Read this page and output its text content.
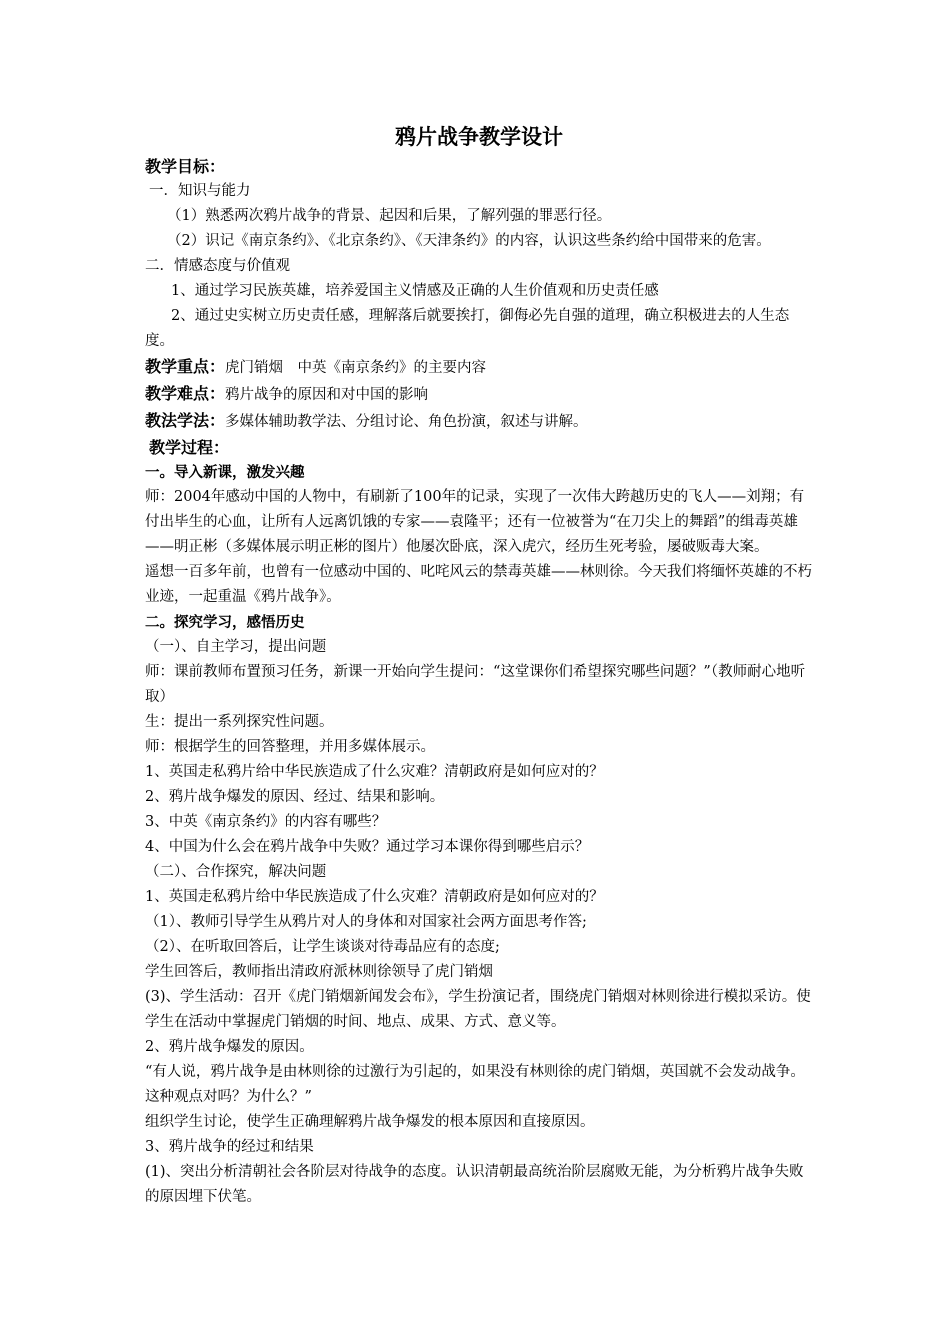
鸦片战争教学设计
教学目标：
一．知识与能力
（1）熟悉两次鸦片战争的背景、起因和后果，了解列强的罪恶行径。
（2）识记《南京条约》、《北京条约》、《天津条约》的内容，认识这些条约给中国带来的危害。
二．情感态度与价值观
1、通过学习民族英雄，培养爱国主义情感及正确的人生价值观和历史责任感
2、通过史实树立历史责任感，理解落后就要挨打，御侮必先自强的道理，确立积极进去的人生态度。
教学重点：虎门销烟　中英《南京条约》的主要内容
教学难点：鸦片战争的原因和对中国的影响
教法学法：多媒体辅助教学法、分组讨论、角色扮演，叙述与讲解。
教学过程：
一。导入新课，激发兴趣
师：2004年感动中国的人物中，有刷新了100年的记录，实现了一次伟大跨越历史的飞人——刘翔；有付出毕生的心血，让所有人远离饥饿的专家——袁隆平；还有一位被誉为“在刀尖上的舞蹈”的缉毒英雄——明正彬（多媒体展示明正彬的图片）他屡次卧底，深入虎穴，经历生死考验，屡破贩毒大案。
遥想一百多年前，也曾有一位感动中国的、叱咤风云的禁毒英雄——林则徐。今天我们将缅怀英雄的不朽业迹，一起重温《鸦片战争》。
二。探究学习，感悟历史
（一）、自主学习，提出问题
师：课前教师布置预习任务，新课一开始向学生提问：“这堂课你们希望探究哪些问题？”（教师耐心地听取）
生：提出一系列探究性问题。
师：根据学生的回答整理，并用多媒体展示。
1、英国走私鸦片给中华民族造成了什么灾难？清朝政府是如何应对的？
2、鸦片战争爆发的原因、经过、结果和影响。
3、中英《南京条约》的内容有哪些？
4、中国为什么会在鸦片战争中失败？通过学习本课你得到哪些启示？
（二）、合作探究，解决问题
1、英国走私鸦片给中华民族造成了什么灾难？清朝政府是如何应对的？
（1）、教师引导学生从鸦片对人的身体和对国家社会两方面思考作答;
（2）、在听取回答后，让学生谈谈对待毒品应有的态度;
学生回答后，教师指出清政府派林则徐领导了虎门销烟
(3)、学生活动：召开《虎门销烟新闻发会布》，学生扮演记者，围绕虎门销烟对林则徐进行模拟采访。使学生在活动中掌握虎门销烟的时间、地点、成果、方式、意义等。
2、鸦片战争爆发的原因。
“有人说，鸦片战争是由林则徐的过激行为引起的，如果没有林则徐的虎门销烟，英国就不会发动战争。这种观点对吗？为什么？”
组织学生讨论，使学生正确理解鸦片战争爆发的根本原因和直接原因。
3、鸦片战争的经过和结果
(1)、突出分析清朝社会各阶层对待战争的态度。认识清朝最高统治阶层腐败无能，为分析鸦片战争失败的原因埋下伏笔。
